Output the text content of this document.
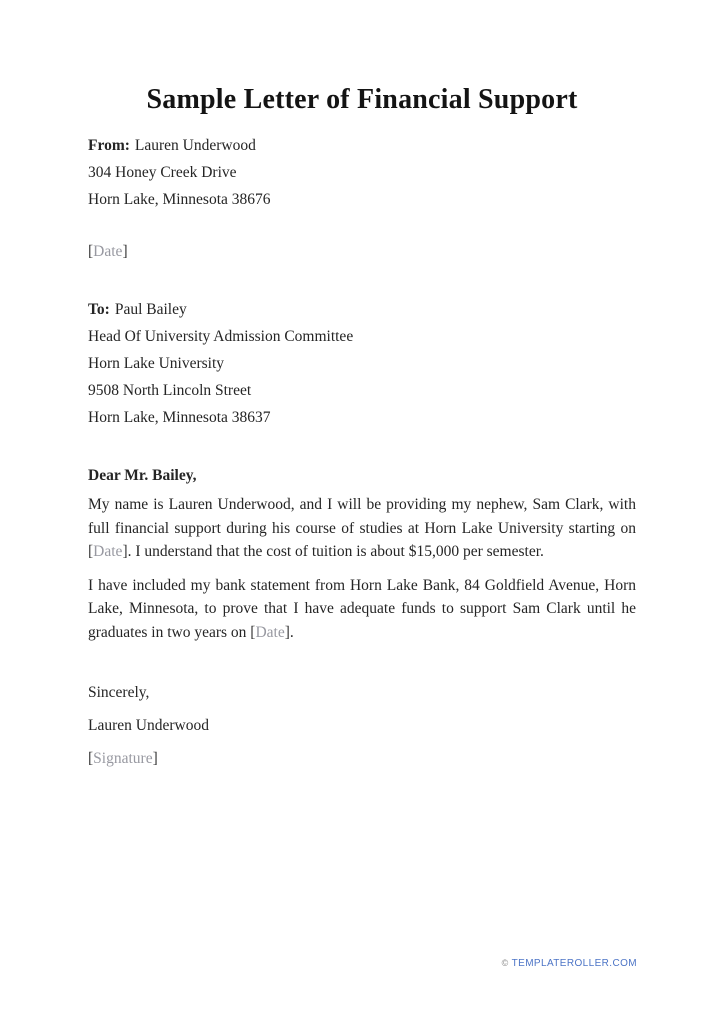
Sample Letter of Financial Support

From: Lauren Underwood

304 Honey Creek Drive

Horn Lake, Minnesota 38676

[Date]

To: Paul Bailey

Head Of University Admission Committee

Horn Lake University

9508 North Lincoln Street

Horn Lake, Minnesota 38637

Dear Mr. Bailey,

My name is Lauren Underwood, and I will be providing my nephew, Sam Clark, with full financial support during his course of studies at Horn Lake University starting on [Date]. I understand that the cost of tuition is about $15,000 per semester.

I have included my bank statement from Horn Lake Bank, 84 Goldfield Avenue, Horn Lake, Minnesota, to prove that I have adequate funds to support Sam Clark until he graduates in two years on [Date].

Sincerely,

Lauren Underwood

[Signature]

© TEMPLATEROLLER.COM
